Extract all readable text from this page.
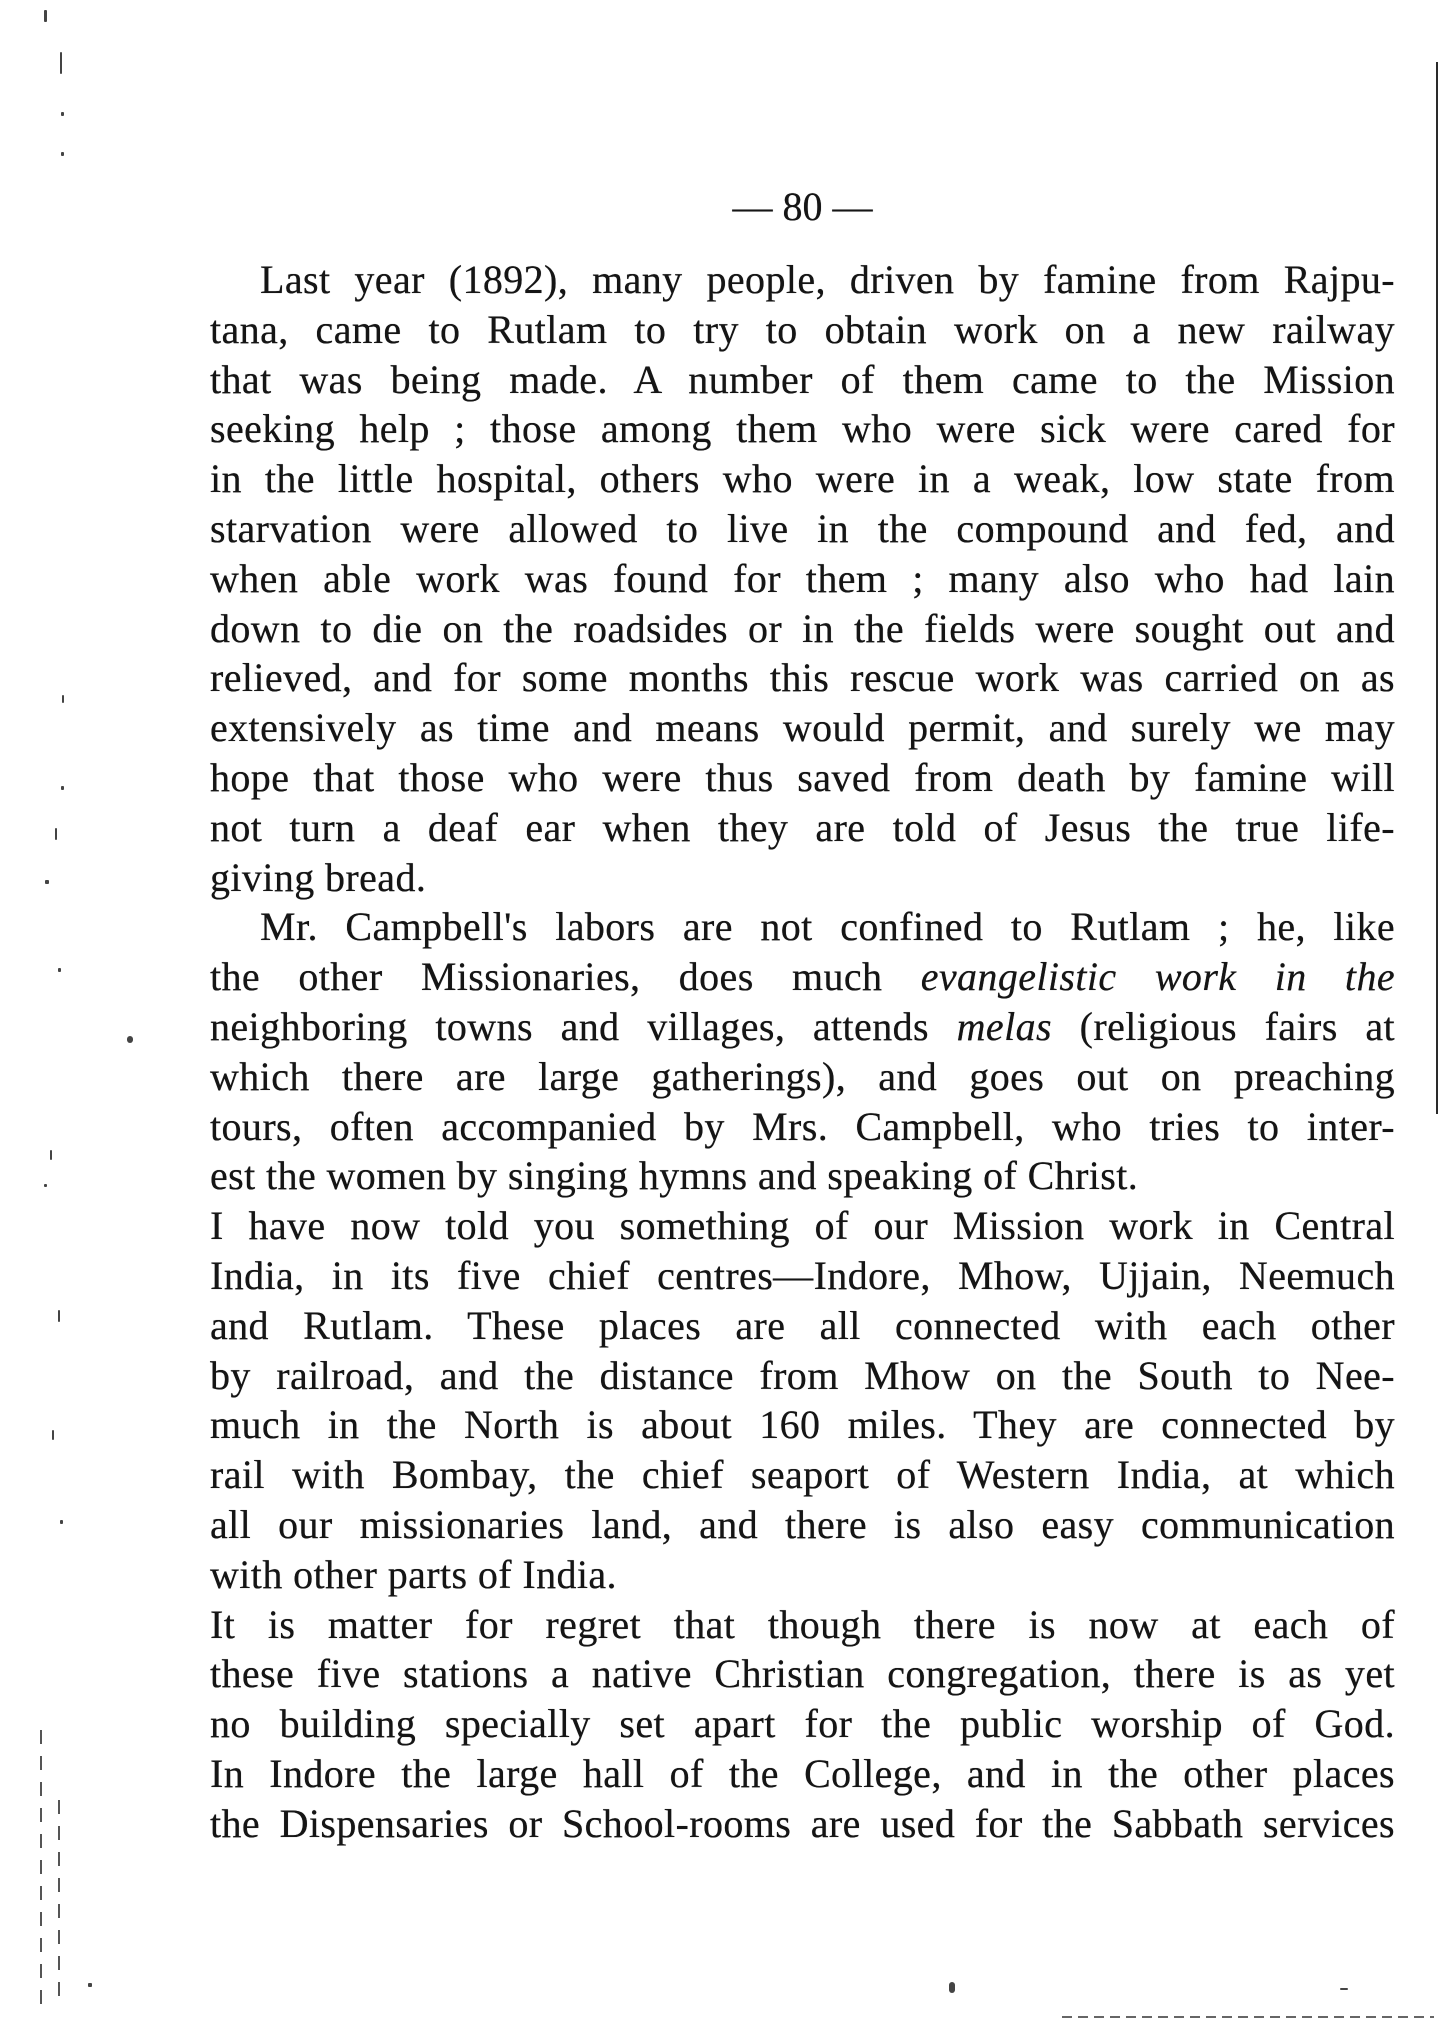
— 80 —
Last year (1892), many people, driven by famine from Rajpu-
tana, came to Rutlam to try to obtain work on a new railway
that was being made. A number of them came to the Mission
seeking help ; those among them who were sick were cared for
in the little hospital, others who were in a weak, low state from
starvation were allowed to live in the compound and fed, and
when able work was found for them ; many also who had lain
down to die on the roadsides or in the fields were sought out and
relieved, and for some months this rescue work was carried on as
extensively as time and means would permit, and surely we may
hope that those who were thus saved from death by famine will
not turn a deaf ear when they are told of Jesus the true life-
giving bread.
Mr. Campbell's labors are not confined to Rutlam ; he, like
the other Missionaries, does much evangelistic work in the
neighboring towns and villages, attends melas (religious fairs at
which there are large gatherings), and goes out on preaching
tours, often accompanied by Mrs. Campbell, who tries to inter-
est the women by singing hymns and speaking of Christ.
I have now told you something of our Mission work in Central
India, in its five chief centres—Indore, Mhow, Ujjain, Neemuch
and Rutlam. These places are all connected with each other
by railroad, and the distance from Mhow on the South to Nee-
much in the North is about 160 miles. They are connected by
rail with Bombay, the chief seaport of Western India, at which
all our missionaries land, and there is also easy communication
with other parts of India.
It is matter for regret that though there is now at each of
these five stations a native Christian congregation, there is as yet
no building specially set apart for the public worship of God.
In Indore the large hall of the College, and in the other places
the Dispensaries or School-rooms are used for the Sabbath services
